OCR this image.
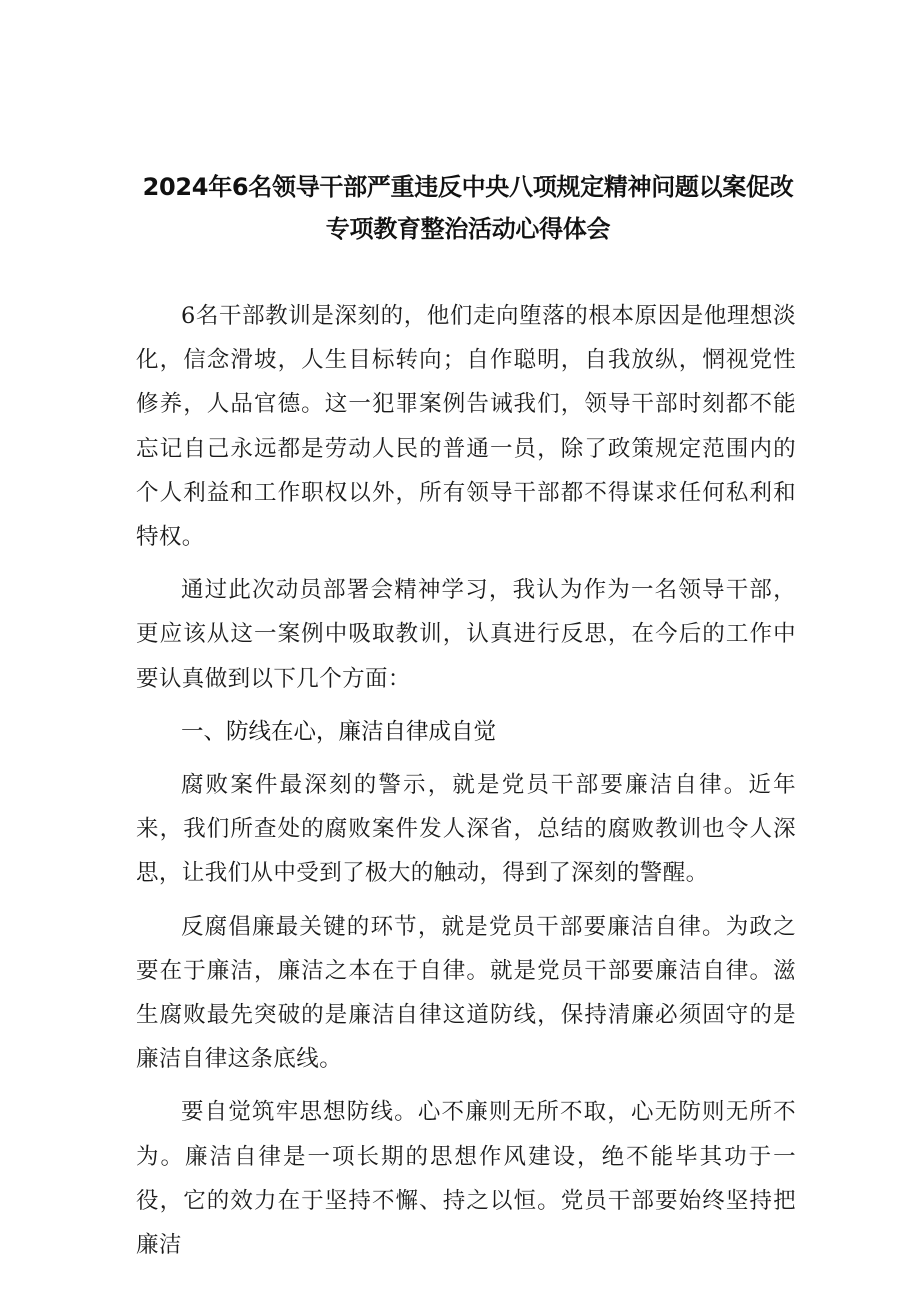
2024年6名领导干部严重违反中央八项规定精神问题以案促改专项教育整治活动心得体会

6名干部教训是深刻的，他们走向堕落的根本原因是他理想淡化，信念滑坡，人生目标转向；自作聪明，自我放纵，惘视党性修养，人品官德。这一犯罪案例告诫我们，领导干部时刻都不能忘记自己永远都是劳动人民的普通一员，除了政策规定范围内的个人利益和工作职权以外，所有领导干部都不得谋求任何私利和特权。

通过此次动员部署会精神学习，我认为作为一名领导干部，更应该从这一案例中吸取教训，认真进行反思，在今后的工作中要认真做到以下几个方面：

一、防线在心，廉洁自律成自觉

腐败案件最深刻的警示，就是党员干部要廉洁自律。近年来，我们所查处的腐败案件发人深省，总结的腐败教训也令人深思，让我们从中受到了极大的触动，得到了深刻的警醒。

反腐倡廉最关键的环节，就是党员干部要廉洁自律。为政之要在于廉洁，廉洁之本在于自律。就是党员干部要廉洁自律。滋生腐败最先突破的是廉洁自律这道防线，保持清廉必须固守的是廉洁自律这条底线。

要自觉筑牢思想防线。心不廉则无所不取，心无防则无所不为。廉洁自律是一项长期的思想作风建设，绝不能毕其功于一役，它的效力在于坚持不懈、持之以恒。党员干部要始终坚持把廉洁
